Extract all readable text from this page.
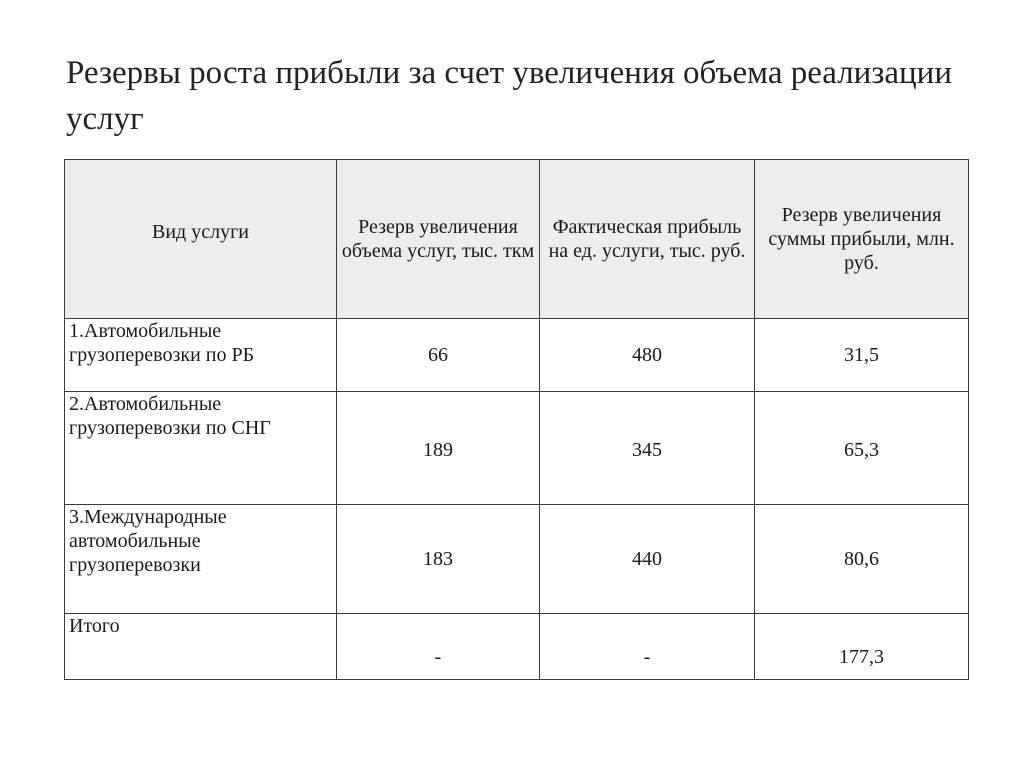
Резервы роста прибыли за счет увеличения объема реализации услуг
Вид услуги	Резерв увеличения объема услуг, тыс. ткм	Фактическая прибыль на ед. услуги, тыс. руб.	Резерв увеличения суммы прибыли, млн. руб.
1.Автомобильные грузоперевозки по РБ	66	480	31,5
2.Автомобильные грузоперевозки по СНГ	189	345	65,3
3.Международные автомобильные грузоперевозки	183	440	80,6
Итого	-	-	177,3
